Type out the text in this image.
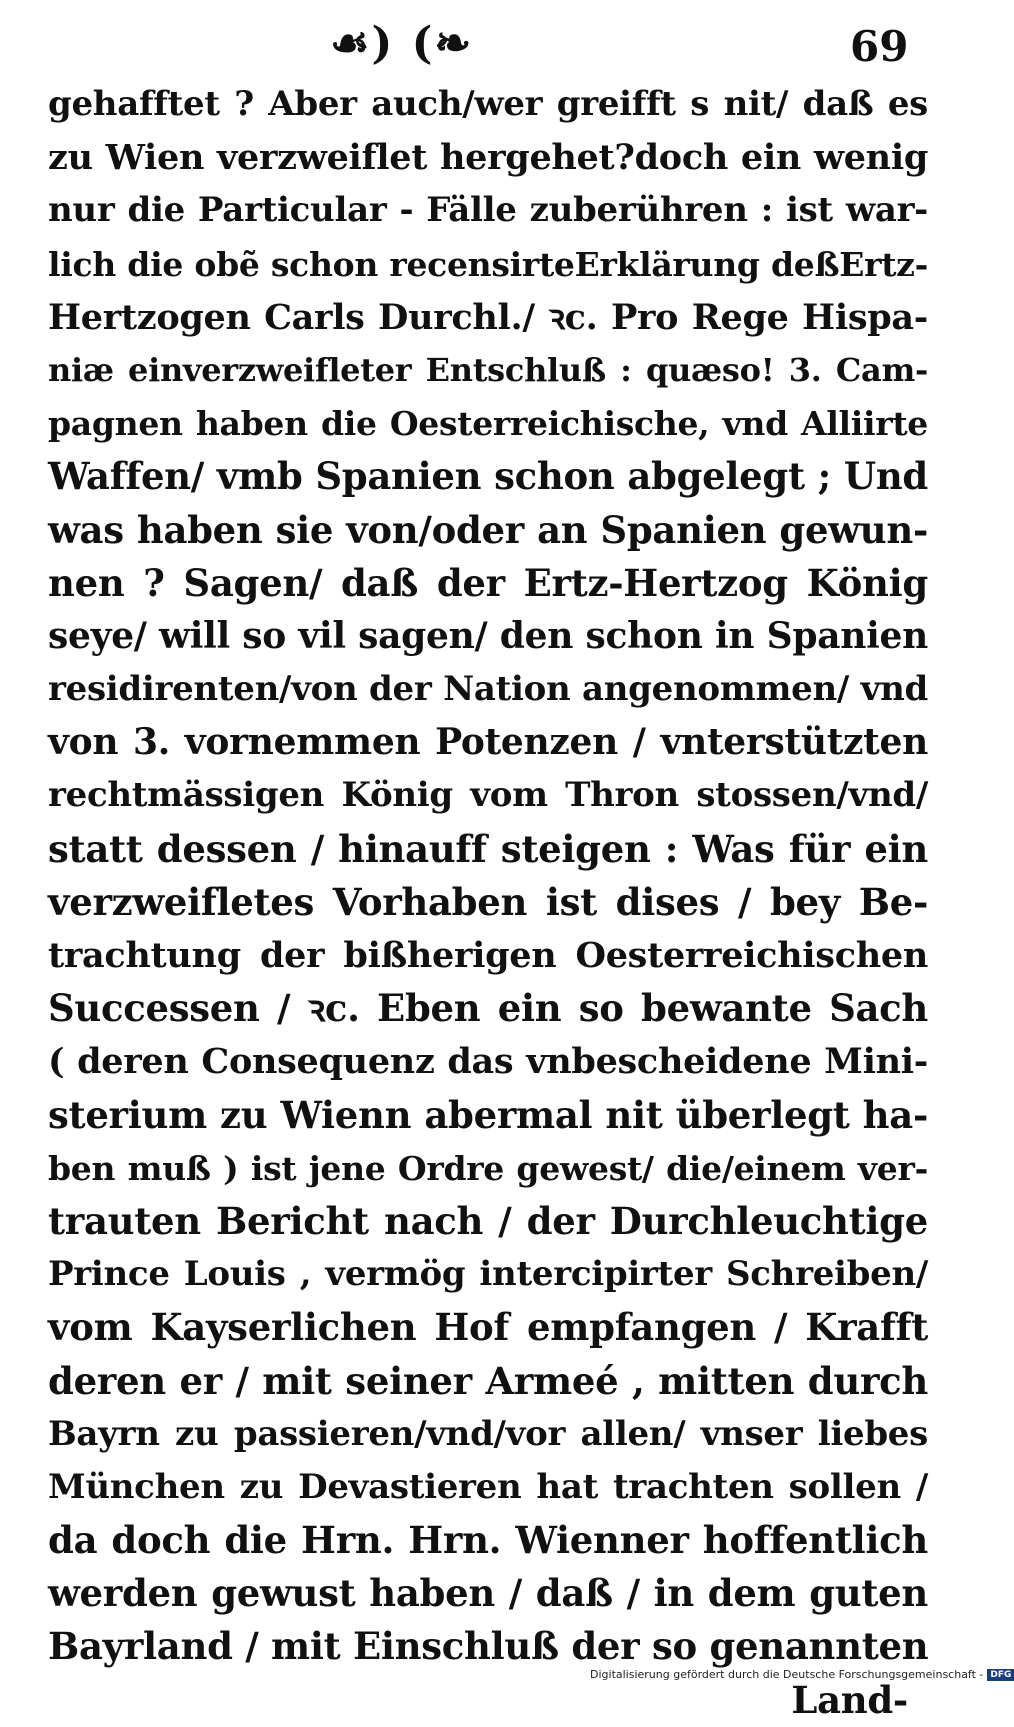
☙) (❧	69
gehafftet ? Aber auch/wer greifft s nit/ daß es
zu Wien verzweiflet hergehet?doch ein wenig
nur die Particular - Fälle zuberühren : ist war-
lich die obẽ schon recensirteErklärung deßErtz-
Hertzogen Carls Durchl./ ꝛc. Pro Rege Hispa-
niæ einverzweifleter Entschluß : quæso! 3. Cam-
pagnen haben die Oesterreichische, vnd Alliirte
Waffen/ vmb Spanien schon abgelegt ; Und
was haben sie von/oder an Spanien gewun-
nen ? Sagen/ daß der Ertz-Hertzog König
seye/ will so vil sagen/ den schon in Spanien
residirenten/von der Nation angenommen/ vnd
von 3. vornemmen Potenzen / vnterstützten
rechtmässigen König vom Thron stossen/vnd/
statt dessen / hinauff steigen : Was für ein
verzweifletes Vorhaben ist dises / bey Be-
trachtung der bißherigen Oesterreichischen
Successen / ꝛc. Eben ein so bewante Sach
( deren Consequenz das vnbescheidene Mini-
sterium zu Wienn abermal nit überlegt ha-
ben muß ) ist jene Ordre gewest/ die/einem ver-
trauten Bericht nach / der Durchleuchtige
Prince Louis , vermög intercipirter Schreiben/
vom Kayserlichen Hof empfangen / Krafft
deren er / mit seiner Armeé , mitten durch
Bayrn zu passieren/vnd/vor allen/ vnser liebes
München zu Devastieren hat trachten sollen /
da doch die Hrn. Hrn. Wienner hoffentlich
werden gewust haben / daß / in dem guten
Bayrland / mit Einschluß der so genannten
Land-
Digitalisierung gefördert durch die Deutsche Forschungsgemeinschaft - DFG
